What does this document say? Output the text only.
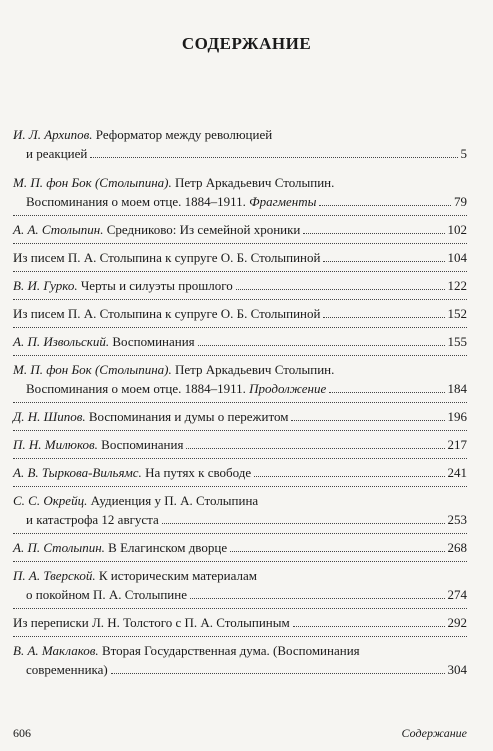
СОДЕРЖАНИЕ
И. Л. Архипов.
Реформатор между революцией
и реакцией	5
М. П. фон Бок (Столыпина).
Петр Аркадьевич Столыпин.
Воспоминания о моем отце. 1884–1911.
Фрагменты	79
А. А. Столыпин.
Средниково: Из семейной хроники	102
Из писем П. А. Столыпина к супруге О. Б. Столыпиной	104
В. И. Гурко.
Черты и силуэты прошлого	122
Из писем П. А. Столыпина к супруге О. Б. Столыпиной	152
А. П. Извольский.
Воспоминания	155
М. П. фон Бок (Столыпина).
Петр Аркадьевич Столыпин.
Воспоминания о моем отце. 1884–1911.
Продолжение	184
Д. Н. Шипов.
Воспоминания и думы о пережитом	196
П. Н. Милюков.
Воспоминания	217
А. В. Тыркова-Вильямс.
На путях к свободе	241
С. С. Окрейц.
Аудиенция у П. А. Столыпина
и катастрофа 12 августа	253
А. П. Столыпин.
В Елагинском дворце	268
П. А. Тверской.
К историческим материалам
о покойном П. А. Столыпине	274
Из переписки Л. Н. Толстого с П. А. Столыпиным	292
В. А. Маклаков.
Вторая Государственная дума. (Воспоминания
современника)	304
606	Содержание
